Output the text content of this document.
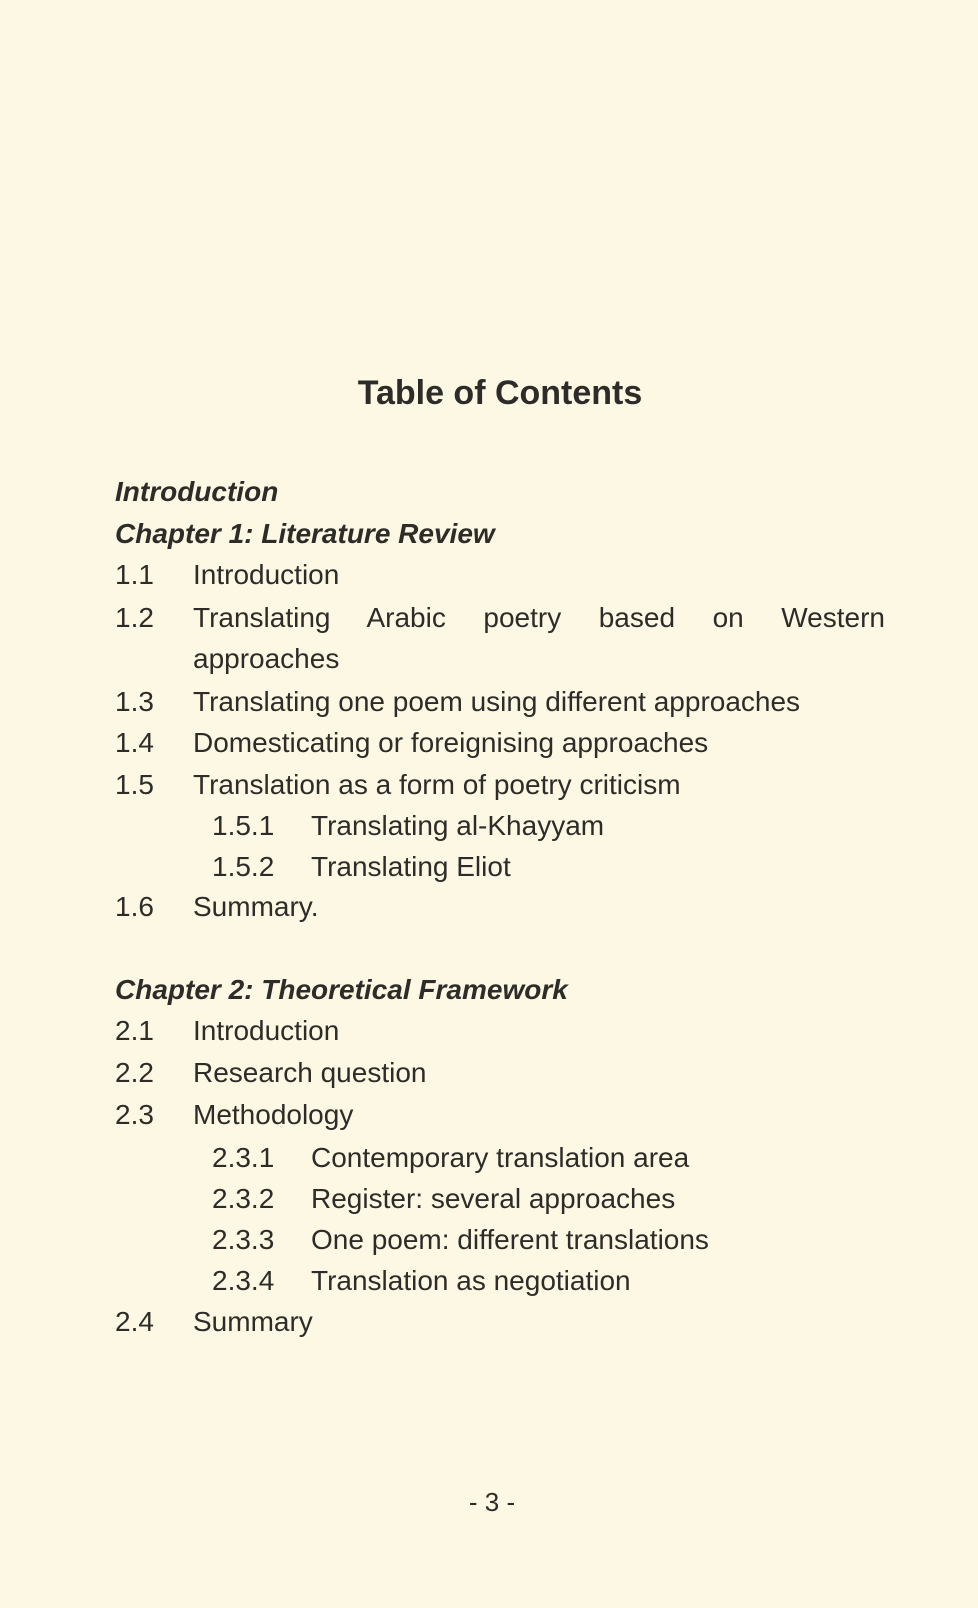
Table of Contents
Introduction
Chapter 1: Literature Review
1.1 Introduction
1.2 Translating Arabic poetry based on Western
approaches
1.3 Translating one poem using different approaches
1.4 Domesticating or foreignising approaches
1.5 Translation as a form of poetry criticism
1.5.1 Translating al-Khayyam
1.5.2 Translating Eliot
1.6 Summary.
Chapter 2: Theoretical Framework
2.1 Introduction
2.2 Research question
2.3 Methodology
2.3.1 Contemporary translation area
2.3.2 Register: several approaches
2.3.3 One poem: different translations
2.3.4 Translation as negotiation
2.4 Summary
- 3 -
